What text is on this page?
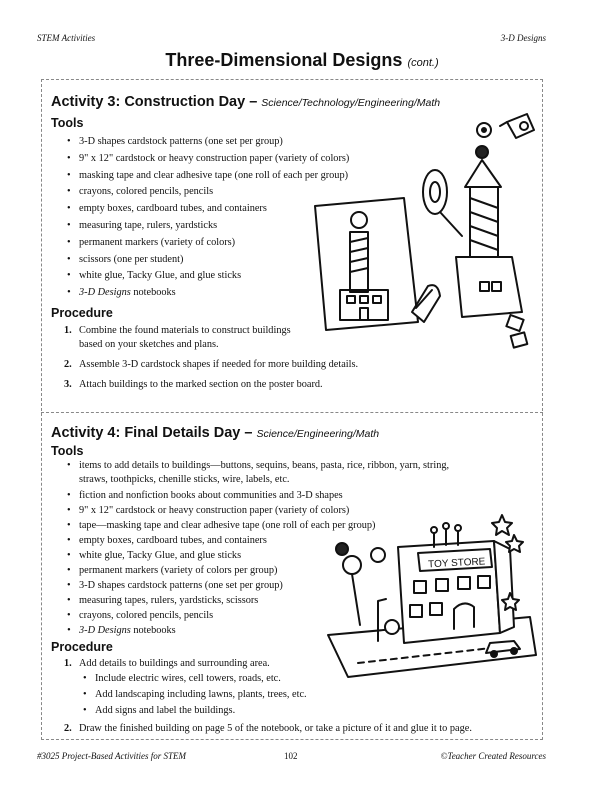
STEM Activities	3-D Designs
Three-Dimensional Designs (cont.)
Activity 3: Construction Day – Science/Technology/Engineering/Math
Tools
• 3-D shapes cardstock patterns (one set per group)
• 9" x 12" cardstock or heavy construction paper (variety of colors)
• masking tape and clear adhesive tape (one roll of each per group)
• crayons, colored pencils, pencils
• empty boxes, cardboard tubes, and containers
• measuring tape, rulers, yardsticks
• permanent markers (variety of colors)
• scissors (one per student)
• white glue, Tacky Glue, and glue sticks
• 3-D Designs notebooks
Procedure
1. Combine the found materials to construct buildings
based on your sketches and plans.
2. Assemble 3-D cardstock shapes if needed for more building details.
3. Attach buildings to the marked section on the poster board.
Activity 4: Final Details Day – Science/Engineering/Math
Tools
• items to add details to buildings—buttons, sequins, beans, pasta, rice, ribbon, yarn, string,
straws, toothpicks, chenille sticks, wire, labels, etc.
• fiction and nonfiction books about communities and 3-D shapes
• 9" x 12" cardstock or heavy construction paper (variety of colors)
• tape—masking tape and clear adhesive tape (one roll of each per group)
• empty boxes, cardboard tubes, and containers
• white glue, Tacky Glue, and glue sticks
• permanent markers (variety of colors per group)
• 3-D shapes cardstock patterns (one set per group)
• measuring tapes, rulers, yardsticks, scissors
• crayons, colored pencils, pencils
• 3-D Designs notebooks
Procedure
1. Add details to buildings and surrounding area.
• Include electric wires, cell towers, roads, etc.
• Add landscaping including lawns, plants, trees, etc.
• Add signs and label the buildings.
2. Draw the finished building on page 5 of the notebook, or take a picture of it and glue it to page.
TOY STORE
#3025 Project-Based Activities for STEM	102	©Teacher Created Resources
